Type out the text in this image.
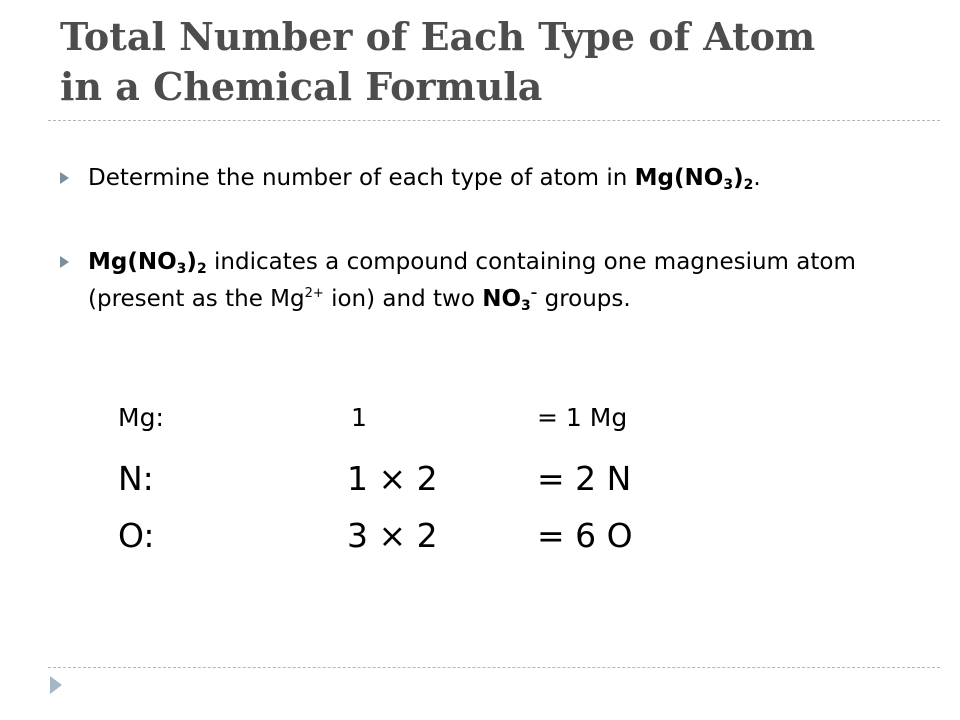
Total Number of Each Type of Atom
in a Chemical Formula
Determine the number of each type of atom in $Mg(NO_3)_2$.
$Mg(NO_3)_2$ indicates a compound containing one magnesium atom (present as the $Mg^{2+}$ ion) and two $NO_3^-$ groups.
Mg:	1	= 1 Mg
N:	1 × 2	= 2 N
O:	3 × 2	= 6 O
